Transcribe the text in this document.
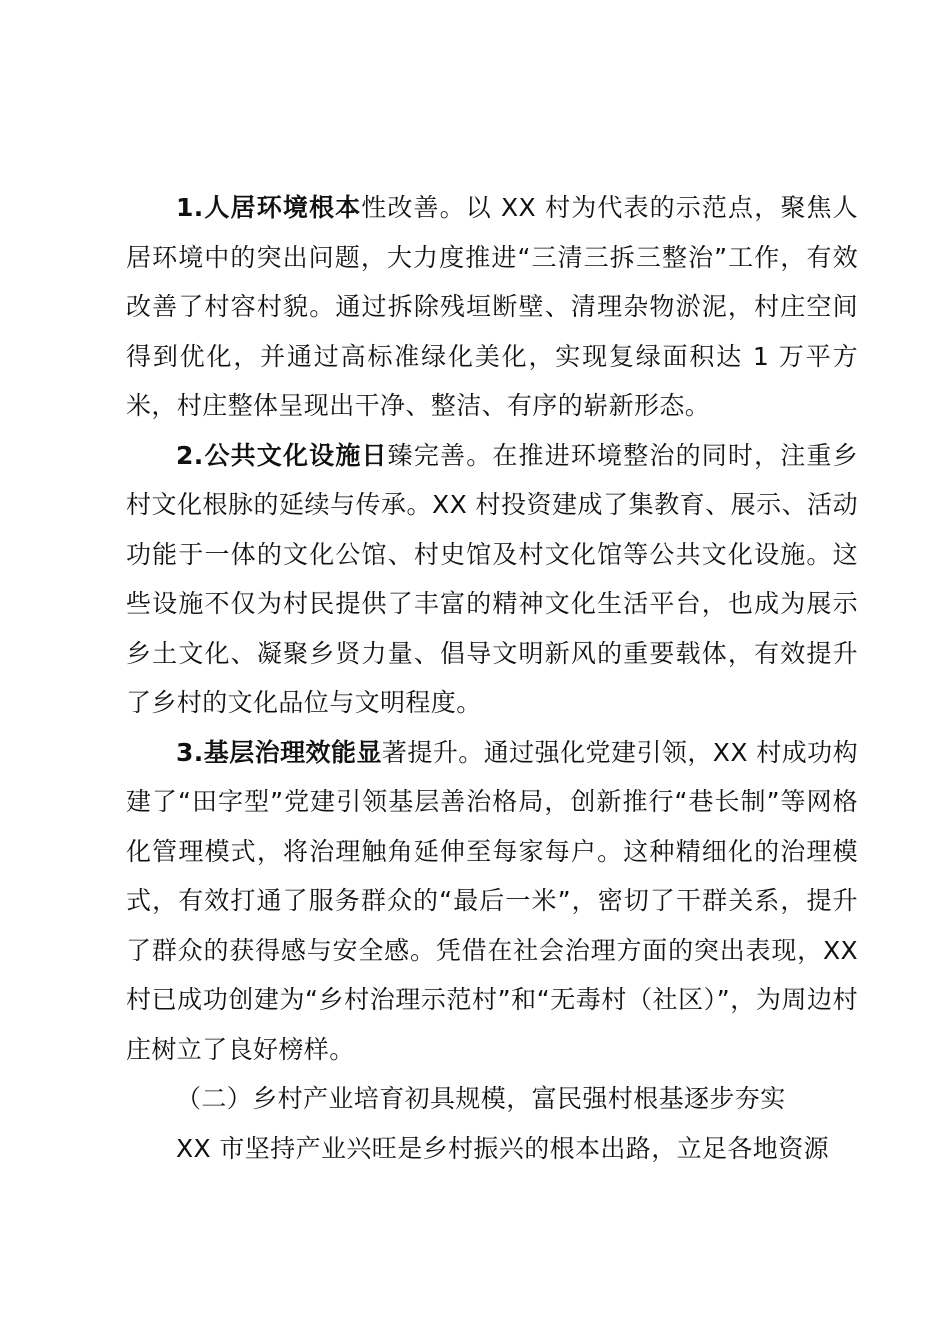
1.人居环境根本性改善。以 XX 村为代表的示范点，聚焦人居环境中的突出问题，大力度推进“三清三拆三整治”工作，有效改善了村容村貌。通过拆除残垣断壁、清理杂物淤泥，村庄空间得到优化，并通过高标准绿化美化，实现复绿面积达 1 万平方米，村庄整体呈现出干净、整洁、有序的崭新形态。

2.公共文化设施日臻完善。在推进环境整治的同时，注重乡村文化根脉的延续与传承。XX 村投资建成了集教育、展示、活动功能于一体的文化公馆、村史馆及村文化馆等公共文化设施。这些设施不仅为村民提供了丰富的精神文化生活平台，也成为展示乡土文化、凝聚乡贤力量、倡导文明新风的重要载体，有效提升了乡村的文化品位与文明程度。

3.基层治理效能显著提升。通过强化党建引领，XX 村成功构建了“田字型”党建引领基层善治格局，创新推行“巷长制”等网格化管理模式，将治理触角延伸至每家每户。这种精细化的治理模式，有效打通了服务群众的“最后一米”，密切了干群关系，提升了群众的获得感与安全感。凭借在社会治理方面的突出表现，XX 村已成功创建为“乡村治理示范村”和“无毒村（社区）”，为周边村庄树立了良好榜样。

（二）乡村产业培育初具规模，富民强村根基逐步夯实

XX 市坚持产业兴旺是乡村振兴的根本出路，立足各地资源
